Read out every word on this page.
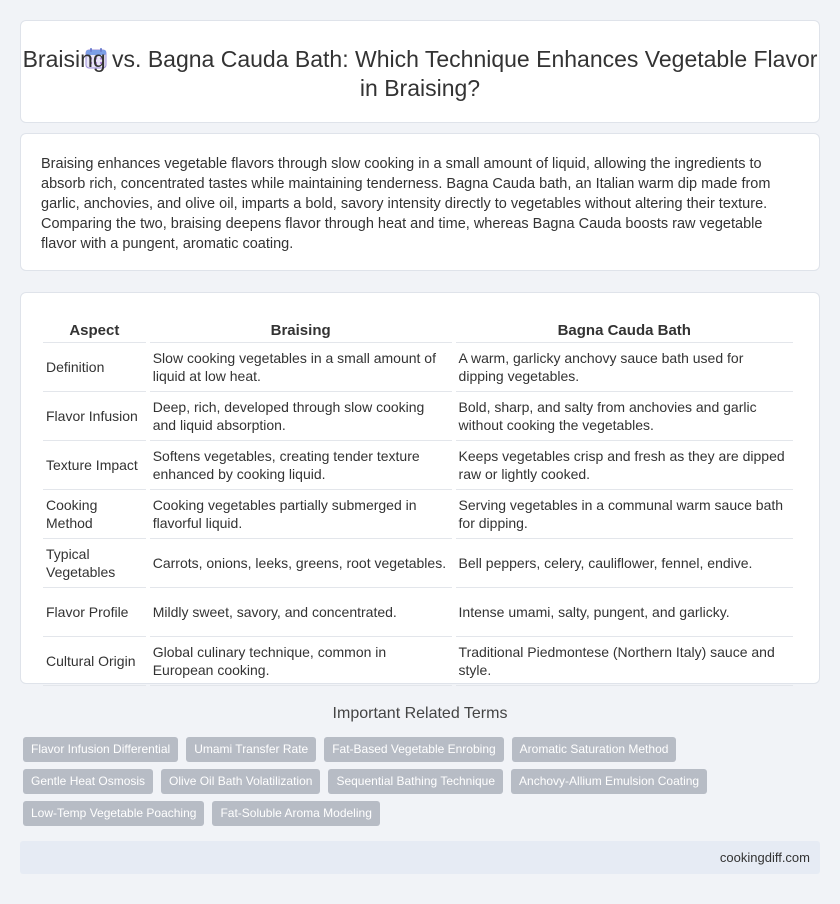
Braising vs. Bagna Cauda Bath: Which Technique Enhances Vegetable Flavor in Braising?

Braising enhances vegetable flavors through slow cooking in a small amount of liquid, allowing the ingredients to absorb rich, concentrated tastes while maintaining tenderness. Bagna Cauda bath, an Italian warm dip made from garlic, anchovies, and olive oil, imparts a bold, savory intensity directly to vegetables without altering their texture. Comparing the two, braising deepens flavor through heat and time, whereas Bagna Cauda boosts raw vegetable flavor with a pungent, aromatic coating.

Aspect	Braising	Bagna Cauda Bath
Definition	Slow cooking vegetables in a small amount of liquid at low heat.	A warm, garlicky anchovy sauce bath used for dipping vegetables.
Flavor Infusion	Deep, rich, developed through slow cooking and liquid absorption.	Bold, sharp, and salty from anchovies and garlic without cooking the vegetables.
Texture Impact	Softens vegetables, creating tender texture enhanced by cooking liquid.	Keeps vegetables crisp and fresh as they are dipped raw or lightly cooked.
Cooking Method	Cooking vegetables partially submerged in flavorful liquid.	Serving vegetables in a communal warm sauce bath for dipping.
Typical Vegetables	Carrots, onions, leeks, greens, root vegetables.	Bell peppers, celery, cauliflower, fennel, endive.
Flavor Profile	Mildly sweet, savory, and concentrated.	Intense umami, salty, pungent, and garlicky.
Cultural Origin	Global culinary technique, common in European cooking.	Traditional Piedmontese (Northern Italy) sauce and style.
Important Related Terms
Flavor Infusion Differential	Umami Transfer Rate	Fat-Based Vegetable Enrobing	Aromatic Saturation Method
Gentle Heat Osmosis	Olive Oil Bath Volatilization	Sequential Bathing Technique	Anchovy-Allium Emulsion Coating
Low-Temp Vegetable Poaching	Fat-Soluble Aroma Modeling
cookingdiff.com
